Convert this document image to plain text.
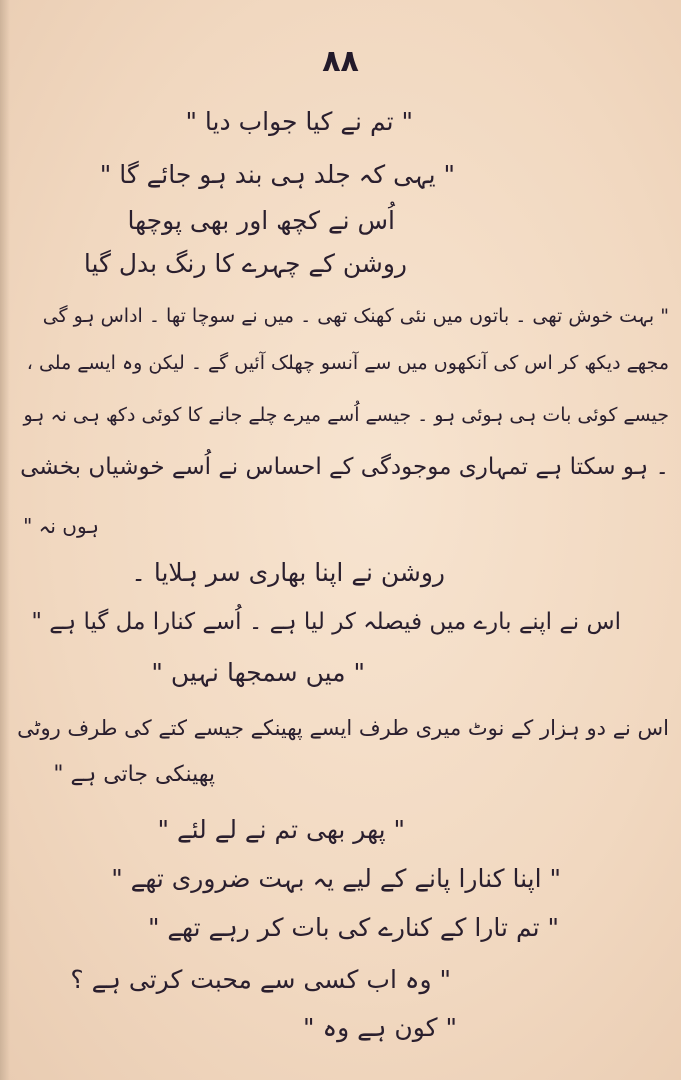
۸۸
" تم نے کیا جواب دیا "
" یہی کہ جلد ہی بند ہو جائے گا "
اُس نے کچھ اور بھی پوچھا
روشن کے چہرے کا رنگ بدل گیا
" بہت خوش تھی ۔ باتوں میں نئی کھنک تھی ۔ میں نے سوچا تھا ۔ اداس ہو گی
مجھے دیکھ کر اس کی آنکھوں میں سے آنسو چھلک آئیں گے ۔ لیکن وہ ایسے ملی ،
جیسے کوئی بات ہی ہوئی ہو ۔ جیسے اُسے میرے چلے جانے کا کوئی دکھ ہی نہ ہو
۔ ہو سکتا ہے تمہاری موجودگی کے احساس نے اُسے خوشیاں بخشی
ہوں نہ "
روشن نے اپنا بھاری سر ہلایا ۔
اس نے اپنے بارے میں فیصلہ کر لیا ہے ۔ اُسے کنارا مل گیا ہے "
" میں سمجھا نہیں "
اس نے دو ہزار کے نوٹ میری طرف ایسے پھینکے جیسے کتے کی طرف روٹی
پھینکی جاتی ہے "
" پھر بھی تم نے لے لئے "
" اپنا کنارا پانے کے لیے یہ بہت ضروری تھے "
" تم تارا کے کنارے کی بات کر رہے تھے "
" وہ اب کسی سے محبت کرتی ہے ؟
" کون ہے وہ "
